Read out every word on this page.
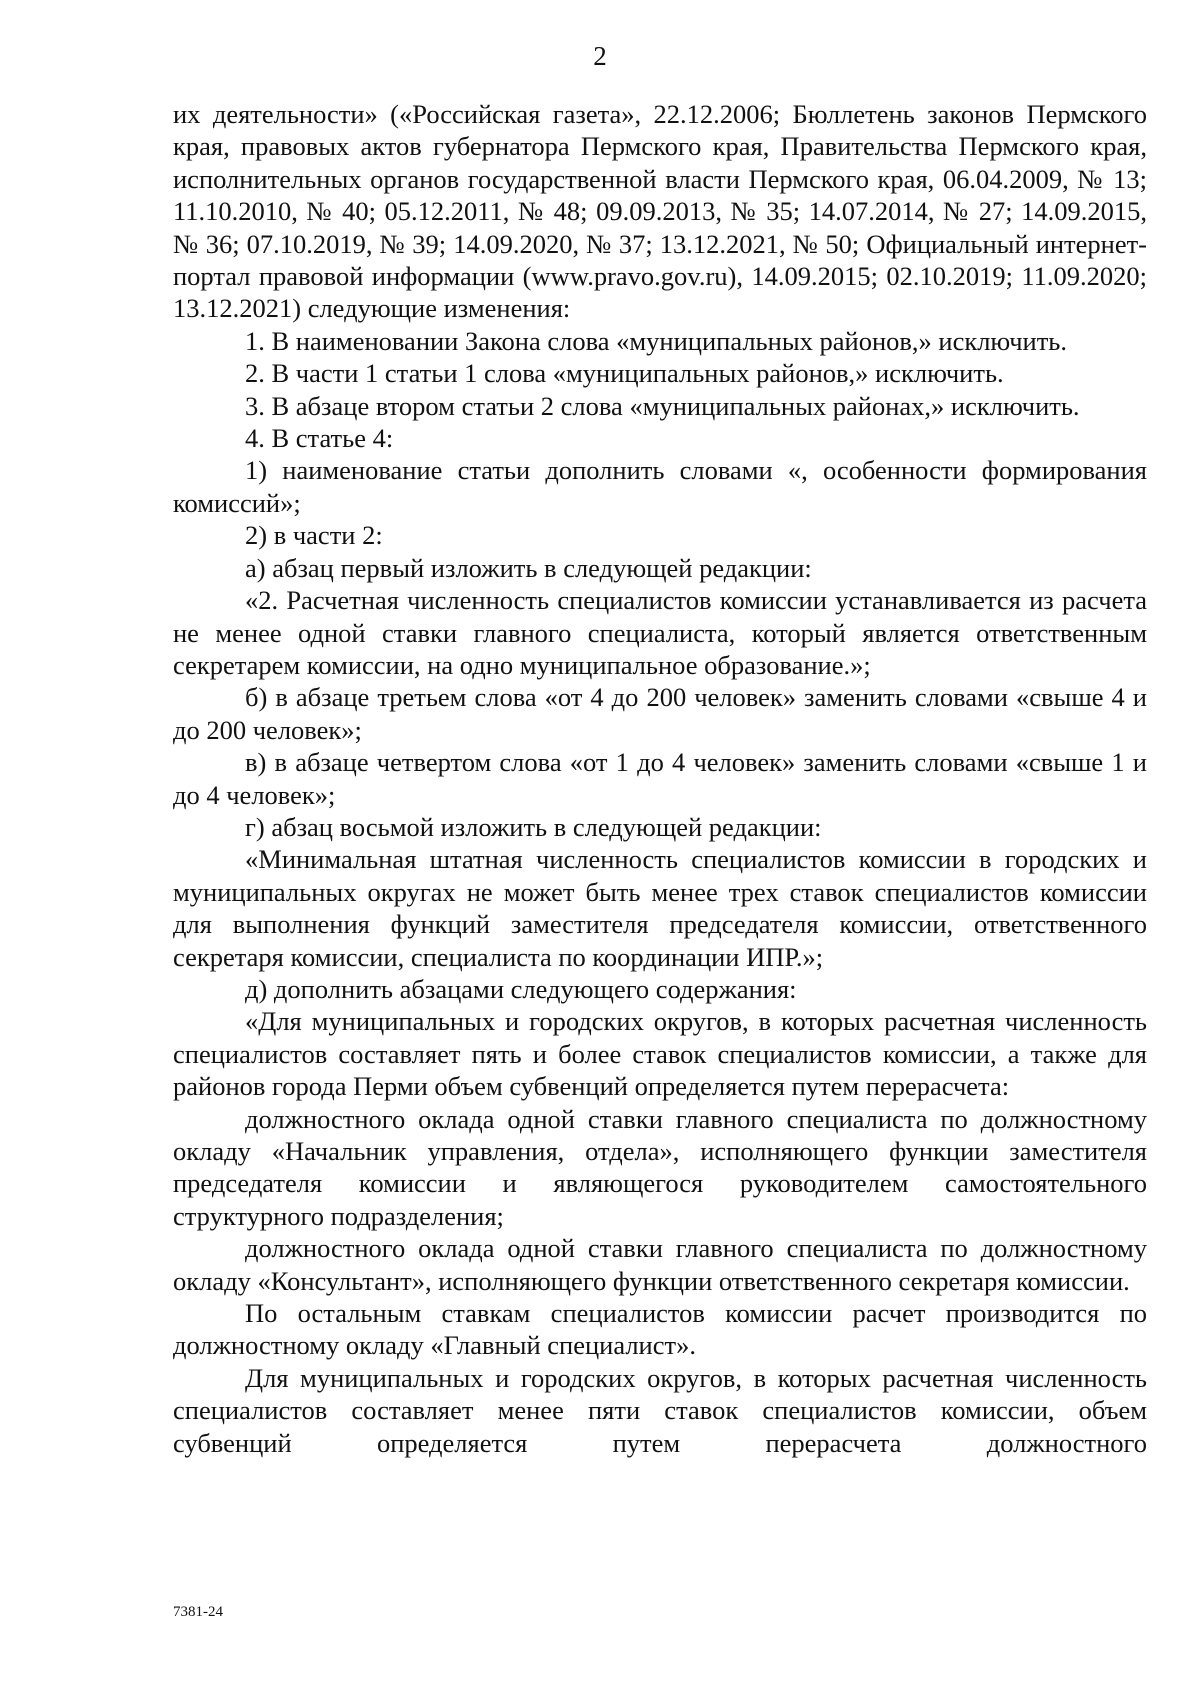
2

их деятельности» («Российская газета», 22.12.2006; Бюллетень законов Пермского края, правовых актов губернатора Пермского края, Правительства Пермского края, исполнительных органов государственной власти Пермского края, 06.04.2009, № 13; 11.10.2010, № 40; 05.12.2011, № 48; 09.09.2013, № 35; 14.07.2014, № 27; 14.09.2015, № 36; 07.10.2019, № 39; 14.09.2020, № 37; 13.12.2021, № 50; Официальный интернет-портал правовой информации (www.pravo.gov.ru), 14.09.2015; 02.10.2019; 11.09.2020; 13.12.2021) следующие изменения:

1. В наименовании Закона слова «муниципальных районов,» исключить.

2. В части 1 статьи 1 слова «муниципальных районов,» исключить.

3. В абзаце втором статьи 2 слова «муниципальных районах,» исключить.

4. В статье 4:

1) наименование статьи дополнить словами «, особенности формирования комиссий»;

2) в части 2:

а) абзац первый изложить в следующей редакции:

«2. Расчетная численность специалистов комиссии устанавливается из расчета не менее одной ставки главного специалиста, который является ответственным секретарем комиссии, на одно муниципальное образование.»;

б) в абзаце третьем слова «от 4 до 200 человек» заменить словами «свыше 4 и до 200 человек»;

в) в абзаце четвертом слова «от 1 до 4 человек» заменить словами «свыше 1 и до 4 человек»;

г) абзац восьмой изложить в следующей редакции:

«Минимальная штатная численность специалистов комиссии в городских и муниципальных округах не может быть менее трех ставок специалистов комиссии для выполнения функций заместителя председателя комиссии, ответственного секретаря комиссии, специалиста по координации ИПР.»;

д) дополнить абзацами следующего содержания:

«Для муниципальных и городских округов, в которых расчетная численность специалистов составляет пять и более ставок специалистов комиссии, а также для районов города Перми объем субвенций определяется путем перерасчета:

должностного оклада одной ставки главного специалиста по должностному окладу «Начальник управления, отдела», исполняющего функции заместителя председателя комиссии и являющегося руководителем самостоятельного структурного подразделения;

должностного оклада одной ставки главного специалиста по должностному окладу «Консультант», исполняющего функции ответственного секретаря комиссии.

По остальным ставкам специалистов комиссии расчет производится по должностному окладу «Главный специалист».

Для муниципальных и городских округов, в которых расчетная численность специалистов составляет менее пяти ставок специалистов комиссии, объем субвенций определяется путем перерасчета должностного

7381-24
